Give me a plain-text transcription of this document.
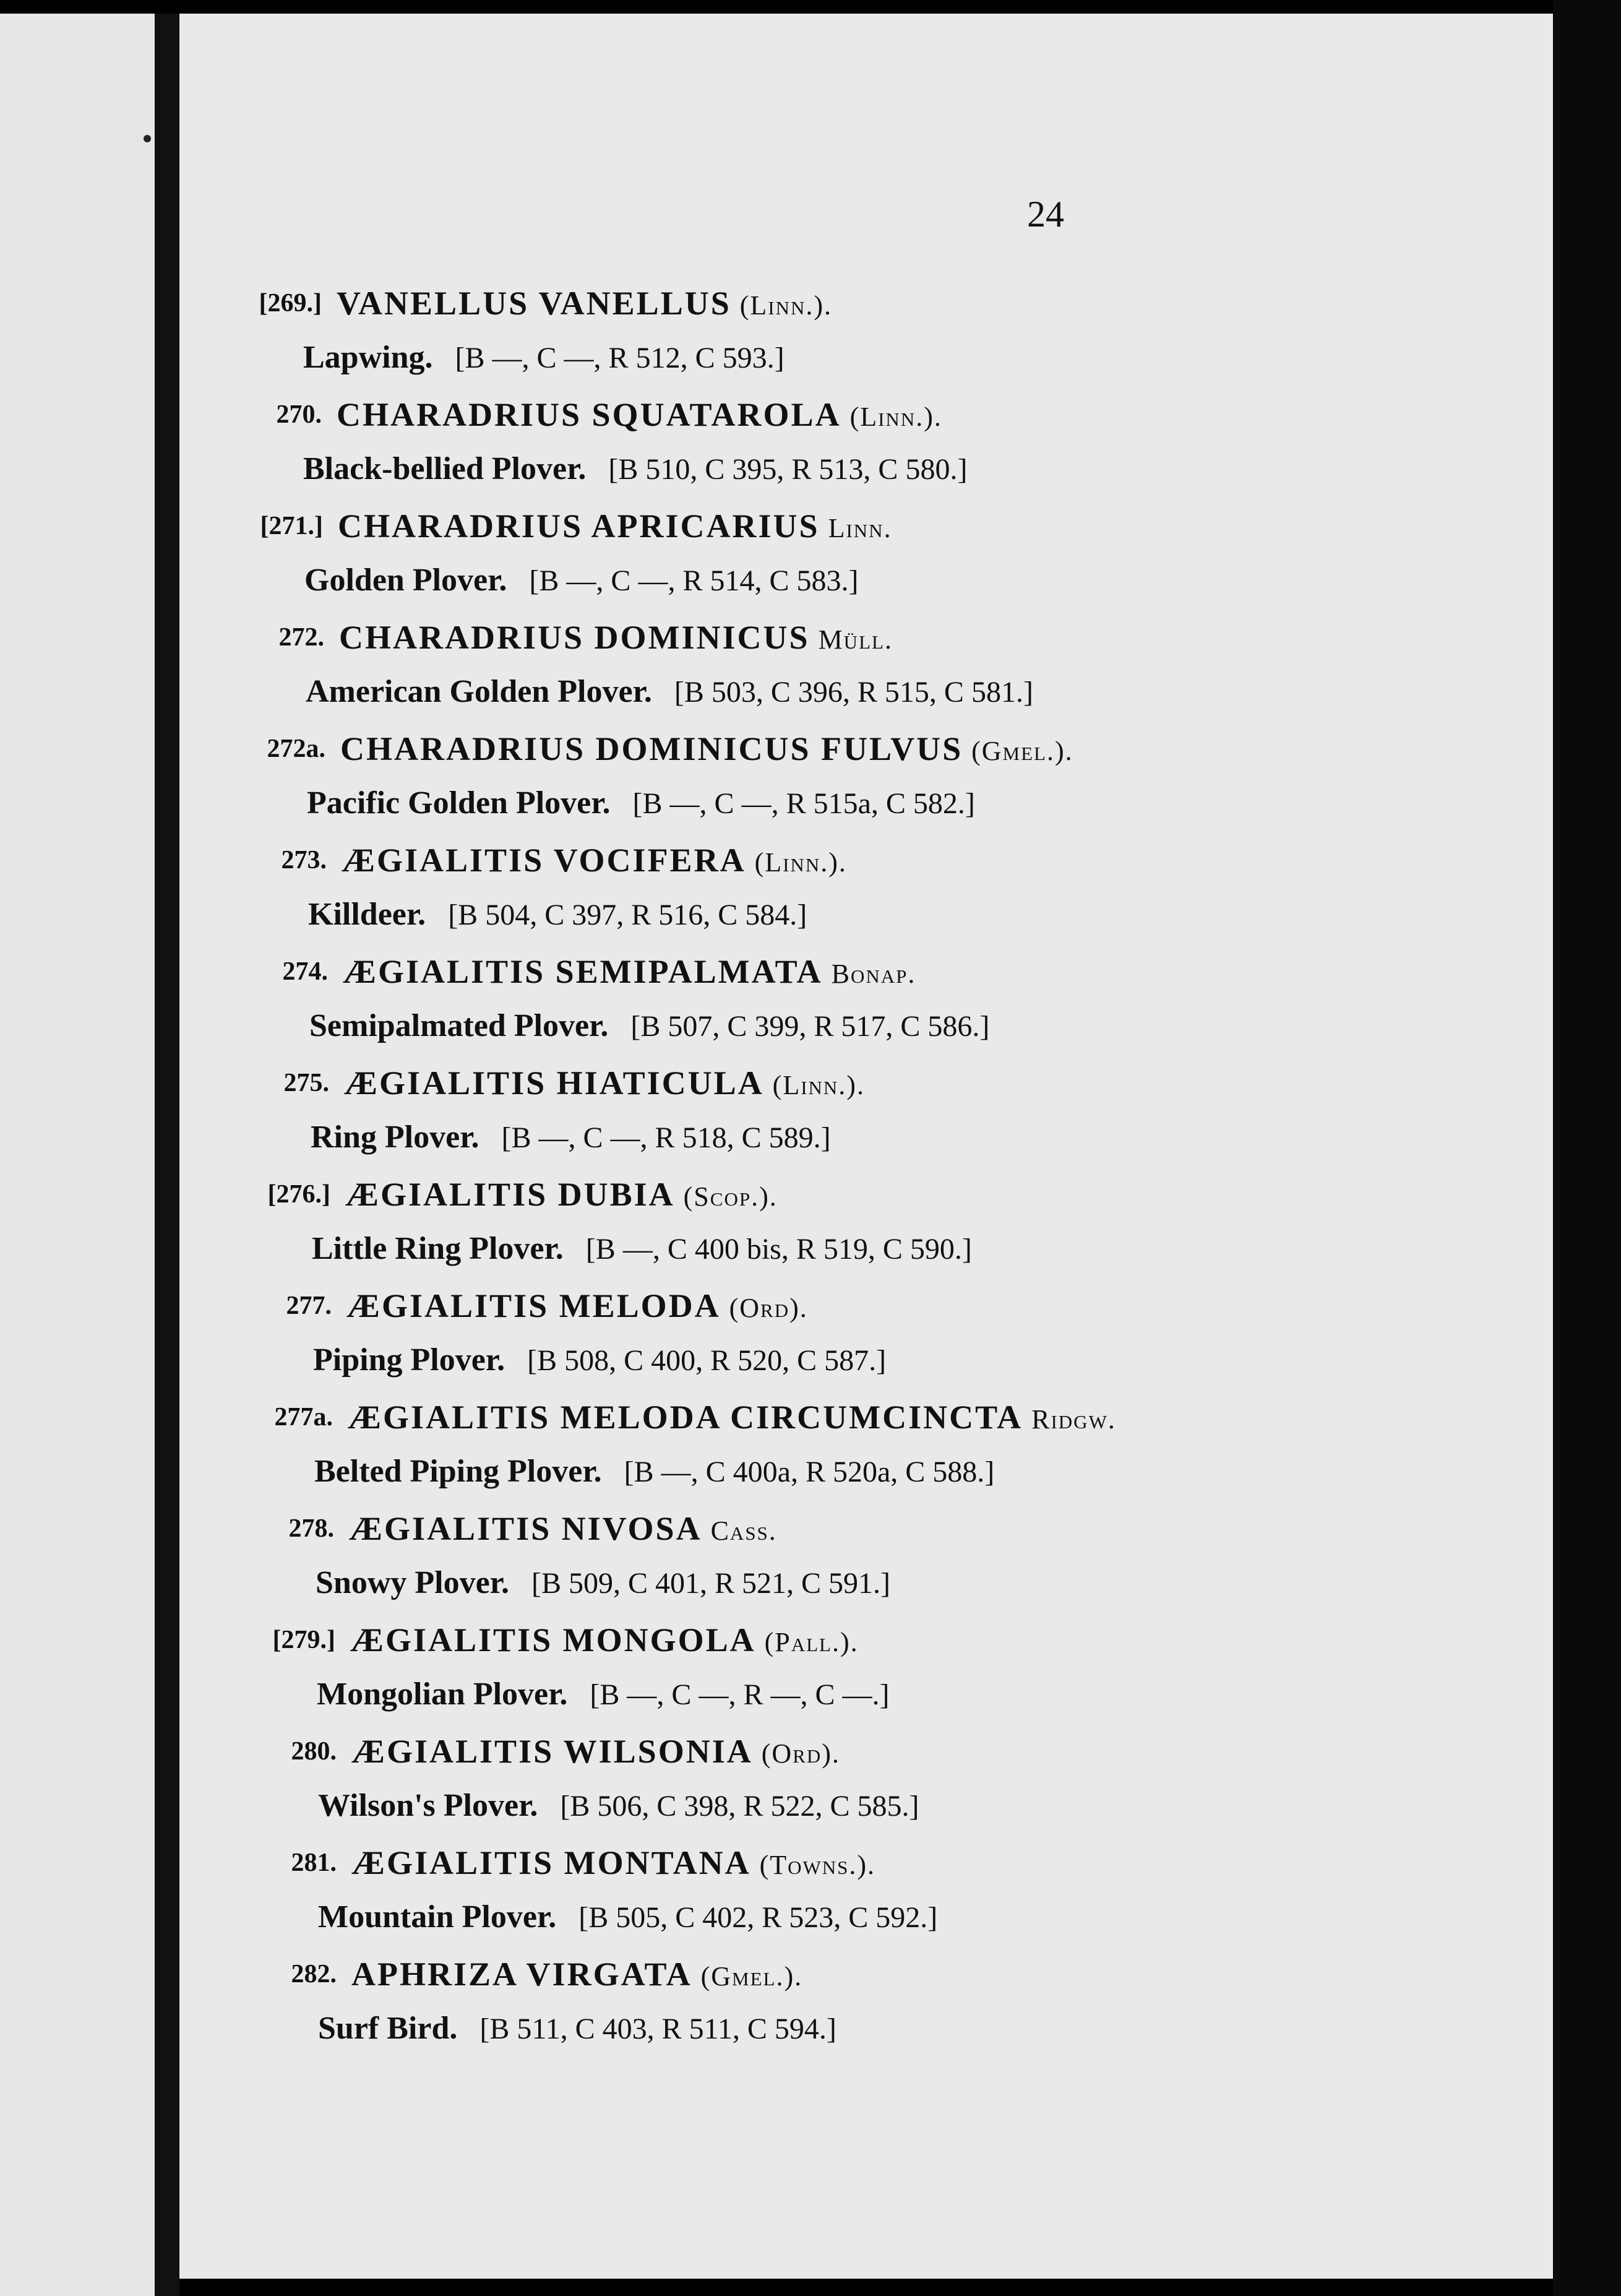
24
[269.] VANELLUS VANELLUS (Linn.).
Lapwing. [B —, C —, R 512, C 593.]
270. CHARADRIUS SQUATAROLA (Linn.).
Black-bellied Plover. [B 510, C 395, R 513, C 580.]
[271.] CHARADRIUS APRICARIUS Linn.
Golden Plover. [B —, C —, R 514, C 583.]
272. CHARADRIUS DOMINICUS Müll.
American Golden Plover. [B 503, C 396, R 515, C 581.]
272a. CHARADRIUS DOMINICUS FULVUS (Gmel.).
Pacific Golden Plover. [B —, C —, R 515a, C 582.]
273. ÆGIALITIS VOCIFERA (Linn.).
Killdeer. [B 504, C 397, R 516, C 584.]
274. ÆGIALITIS SEMIPALMATA Bonap.
Semipalmated Plover. [B 507, C 399, R 517, C 586.]
275. ÆGIALITIS HIATICULA (Linn.).
Ring Plover. [B —, C —, R 518, C 589.]
[276.] ÆGIALITIS DUBIA (Scop.).
Little Ring Plover. [B —, C 400 bis, R 519, C 590.]
277. ÆGIALITIS MELODA (Ord).
Piping Plover. [B 508, C 400, R 520, C 587.]
277a. ÆGIALITIS MELODA CIRCUMCINCTA Ridgw.
Belted Piping Plover. [B —, C 400a, R 520a, C 588.]
278. ÆGIALITIS NIVOSA Cass.
Snowy Plover. [B 509, C 401, R 521, C 591.]
[279.] ÆGIALITIS MONGOLA (Pall.).
Mongolian Plover. [B —, C —, R —, C —.]
280. ÆGIALITIS WILSONIA (Ord).
Wilson's Plover. [B 506, C 398, R 522, C 585.]
281. ÆGIALITIS MONTANA (Towns.).
Mountain Plover. [B 505, C 402, R 523, C 592.]
282. APHRIZA VIRGATA (Gmel.).
Surf Bird. [B 511, C 403, R 511, C 594.]
